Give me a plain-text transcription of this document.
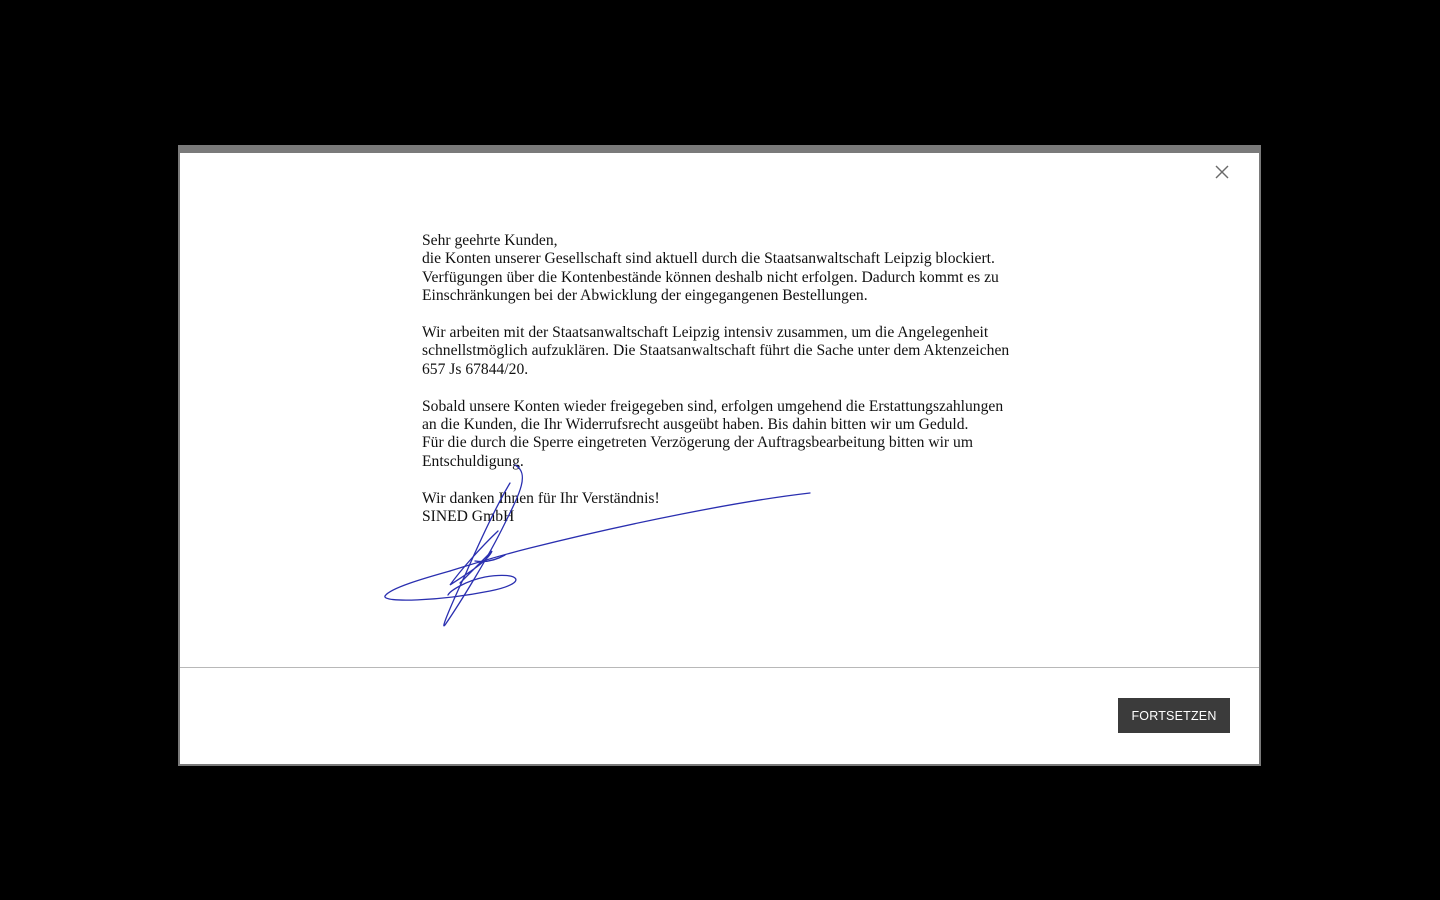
Sehr geehrte Kunden,
die Konten unserer Gesellschaft sind aktuell durch die Staatsanwaltschaft Leipzig blockiert.
Verfügungen über die Kontenbestände können deshalb nicht erfolgen. Dadurch kommt es zu
Einschränkungen bei der Abwicklung der eingegangenen Bestellungen.

Wir arbeiten mit der Staatsanwaltschaft Leipzig intensiv zusammen, um die Angelegenheit
schnellstmöglich aufzuklären. Die Staatsanwaltschaft führt die Sache unter dem Aktenzeichen
657 Js 67844/20.

Sobald unsere Konten wieder freigegeben sind, erfolgen umgehend die Erstattungszahlungen
an die Kunden, die Ihr Widerrufsrecht ausgeübt haben. Bis dahin bitten wir um Geduld.
Für die durch die Sperre eingetreten Verzögerung der Auftragsbearbeitung bitten wir um
Entschuldigung.

Wir danken Ihnen für Ihr Verständnis!
SINED GmbH

FORTSETZEN
